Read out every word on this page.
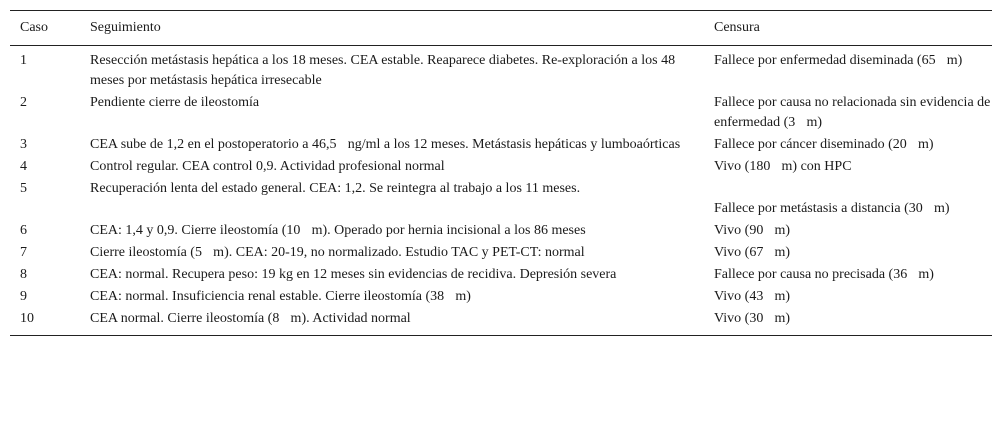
Caso	Seguimiento	Censura
1	Resección metástasis hepática a los 18 meses. CEA estable. Reaparece diabetes. Re-exploración a los 48 meses por metástasis hepática irresecable	Fallece por enfermedad diseminada (65    m)
2	Pendiente cierre de ileostomía	Fallece por causa no relacionada sin evidencia de enfermedad (3    m)
3	CEA sube de 1,2 en el postoperatorio a 46,5    ng/ml a los 12 meses. Metástasis hepáticas y lumboaórticas	Fallece por cáncer diseminado (20    m)
4	Control regular. CEA control 0,9. Actividad profesional normal	Vivo (180    m) con HPC
5	Recuperación lenta del estado general. CEA: 1,2. Se reintegra al trabajo a los 11 meses.	Fallece por metástasis a distancia (30    m)
6	CEA: 1,4 y 0,9. Cierre ileostomía (10    m). Operado por hernia incisional a los 86 meses	Vivo (90    m)
7	Cierre ileostomía (5    m). CEA: 20-19, no normalizado. Estudio TAC y PET-CT: normal	Vivo (67    m)
8	CEA: normal. Recupera peso: 19 kg en 12 meses sin evidencias de recidiva. Depresión severa	Fallece por causa no precisada (36    m)
9	CEA: normal. Insuficiencia renal estable. Cierre ileostomía (38    m)	Vivo (43    m)
10	CEA normal. Cierre ileostomía (8    m). Actividad normal	Vivo (30    m)
